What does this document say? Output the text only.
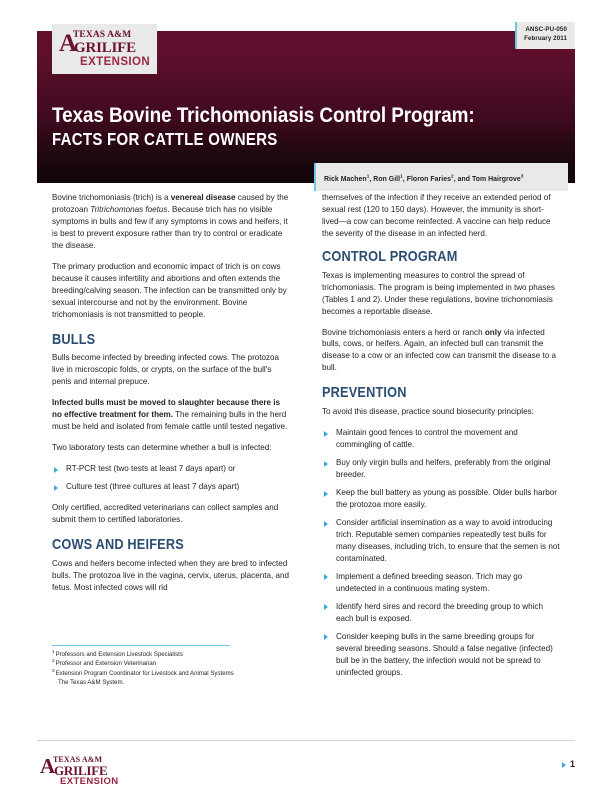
A
TEXAS A&M
GRILIFE
EXTENSION
ANSC-PU-050
February 2011
Texas Bovine Trichomoniasis Control Program:
FACTS FOR CATTLE OWNERS
Rick Machen$^1$, Ron Gill$^1$, Floron Faries$^2$, and Tom Hairgrove$^3$

Bovine trichomoniasis (trich) is a venereal disease caused by the protozoan Tritrichomonas foetus. Because trich has no visible symptoms in bulls and few if any symptoms in cows and heifers, it is best to prevent exposure rather than try to control or eradicate the disease.

The primary production and economic impact of trich is on cows because it causes infertility and abortions and often extends the breeding/calving season. The infection can be transmitted only by sexual intercourse and not by the environment. Bovine trichomoniasis is not transmitted to people.

BULLS

Bulls become infected by breeding infected cows. The protozoa live in microscopic folds, or crypts, on the surface of the bull's penis and internal prepuce.

Infected bulls must be moved to slaughter because there is no effective treatment for them. The remaining bulls in the herd must be held and isolated from female cattle until tested negative.

Two laboratory tests can determine whether a bull is infected:

RT-PCR test (two tests at least 7 days apart) or
Culture test (three cultures at least 7 days apart)

Only certified, accredited veterinarians can collect samples and submit them to certified laboratories.

COWS AND HEIFERS

Cows and heifers become infected when they are bred to infected bulls. The protozoa live in the vagina, cervix, uterus, placenta, and fetus. Most infected cows will rid

themselves of the infection if they receive an extended period of sexual rest (120 to 150 days). However, the immunity is short-lived—a cow can become reinfected. A vaccine can help reduce the severity of the disease in an infected herd.

CONTROL PROGRAM

Texas is implementing measures to control the spread of trichomoniasis. The program is being implemented in two phases (Tables 1 and 2). Under these regulations, bovine trichonomiasis becomes a reportable disease.

Bovine trichomoniasis enters a herd or ranch only via infected bulls, cows, or heifers. Again, an infected bull can transmit the disease to a cow or an infected cow can transmit the disease to a bull.

PREVENTION

To avoid this disease, practice sound biosecurity principles:

Maintain good fences to control the movement and commingling of cattle.
Buy only virgin bulls and heifers, preferably from the original breeder.
Keep the bull battery as young as possible. Older bulls harbor the protozoa more easily.
Consider artificial insemination as a way to avoid introducing trich. Reputable semen companies repeatedly test bulls for many diseases, including trich, to ensure that the semen is not contaminated.
Implement a defined breeding season. Trich may go undetected in a continuous mating system.
Identify herd sires and record the breeding group to which each bull is exposed.
Consider keeping bulls in the same breeding groups for several breeding seasons. Should a false negative (infected) bull be in the battery, the infection would not be spread to uninfected groups.
$^1$Professors and Extension Livestock Specialists
$^2$Professor and Extension Veterinarian
$^3$Extension Program Coordinator for Livestock and Animal Systems
The Texas A&M System.
A
TEXAS A&M
GRILIFE
EXTENSION
1
